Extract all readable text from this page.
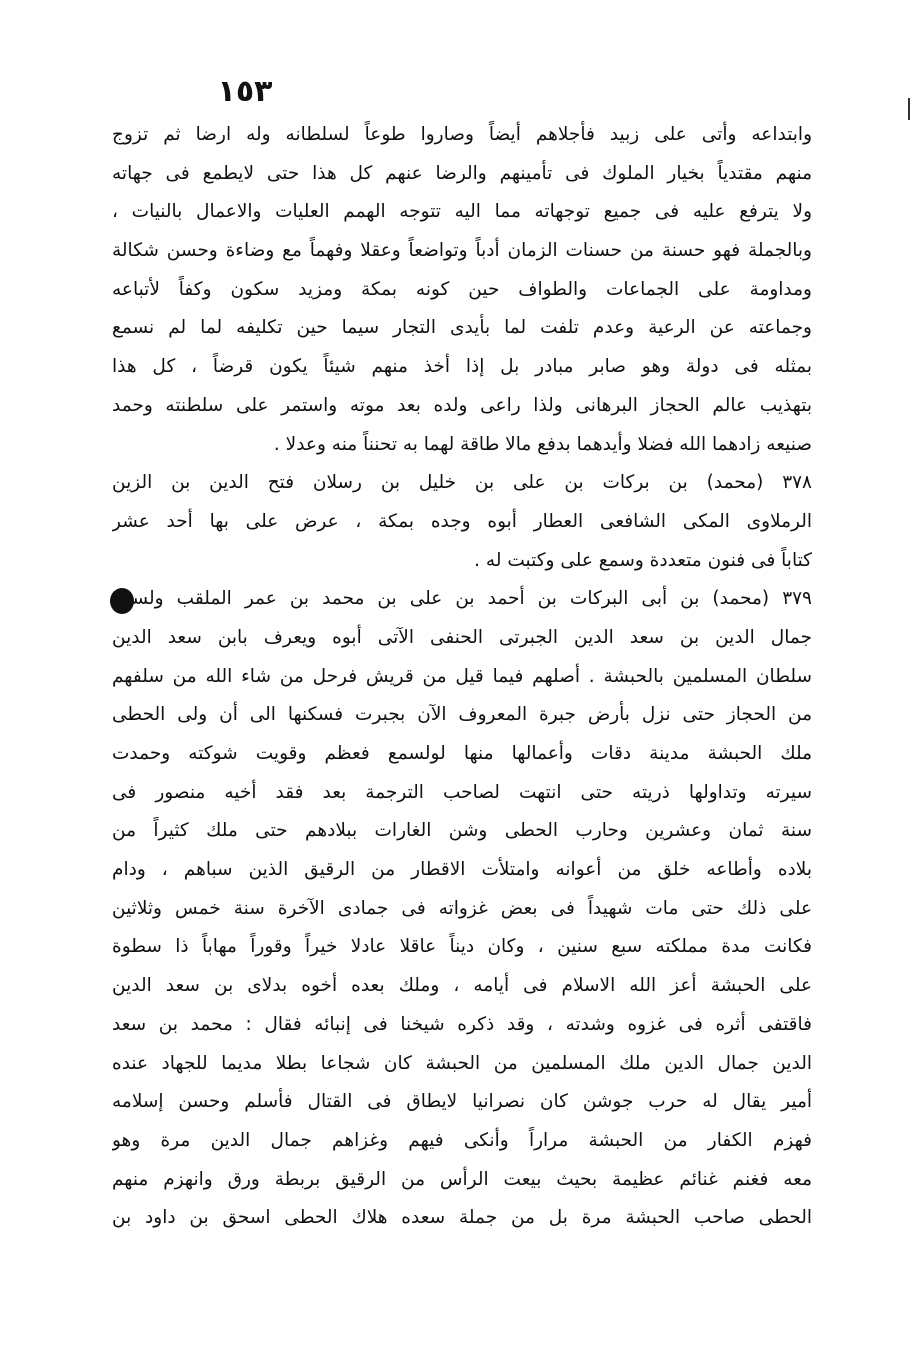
١٥٣
وابتداعه وأتى على زبيد فأجلاهم أيضاً وصاروا طوعاً لسلطانه وله ارضا ثم تزوج
منهم مقتدياً بخيار الملوك فى تأمينهم والرضا عنهم كل هذا حتى لايطمع فى جهاته
ولا يترفع عليه فى جميع توجهاته مما اليه تتوجه الهمم العليات والاعمال بالنيات ،
وبالجملة فهو حسنة من حسنات الزمان أدباً وتواضعاً وعقلا وفهماً مع وضاءة وحسن شكالة
ومداومة على الجماعات والطواف حين كونه بمكة ومزيد سكون وكفاً لأتباعه
وجماعته عن الرعية وعدم تلفت لما بأيدى التجار سيما حين تكليفه لما لم نسمع
بمثله فى دولة وهو صابر مبادر بل إذا أخذ منهم شيئاً يكون قرضاً ، كل هذا
بتهذيب عالم الحجاز البرهانى ولذا راعى ولده بعد موته واستمر على سلطنته وحمد
صنيعه زادهما الله فضلا وأيدهما بدفع مالا طاقة لهما به تحنناً منه وعدلا .
٣٧٨ (محمد) بن بركات بن على بن خليل بن رسلان فتح الدين بن الزين
الرملاوى المكى الشافعى العطار أبوه وجده بمكة ، عرض على بها أحد عشر
كتاباً فى فنون متعددة وسمع على وكتبت له .
٣٧٩ (محمد) بن أبى البركات بن أحمد بن على بن محمد بن عمر الملقب ولسمع
جمال الدين بن سعد الدين الجبرتى الحنفى الآتى أبوه ويعرف بابن سعد الدين
سلطان المسلمين بالحبشة . أصلهم فيما قيل من قريش فرحل من شاء الله من سلفهم
من الحجاز حتى نزل بأرض جبرة المعروف الآن بجبرت فسكنها الى أن ولى الحطى
ملك الحبشة مدينة دقات وأعمالها منها لولسمع فعظم وقويت شوكته وحمدت
سيرته وتداولها ذريته حتى انتهت لصاحب الترجمة بعد فقد أخيه منصور فى
سنة ثمان وعشرين وحارب الحطى وشن الغارات ببلادهم حتى ملك كثيراً من
بلاده وأطاعه خلق من أعوانه وامتلأت الاقطار من الرقيق الذين سباهم ، ودام
على ذلك حتى مات شهيداً فى بعض غزواته فى جمادى الآخرة سنة خمس وثلاثين
فكانت مدة مملكته سبع سنين ، وكان ديناً عاقلا عادلا خيراً وقوراً مهاباً ذا سطوة
على الحبشة أعز الله الاسلام فى أيامه ، وملك بعده أخوه بدلاى بن سعد الدين
فاقتفى أثره فى غزوه وشدته ، وقد ذكره شيخنا فى إنبائه فقال : محمد بن سعد
الدين جمال الدين ملك المسلمين من الحبشة كان شجاعا بطلا مديما للجهاد عنده
أمير يقال له حرب جوشن كان نصرانيا لايطاق فى القتال فأسلم وحسن إسلامه
فهزم الكفار من الحبشة مراراً وأنكى فيهم وغزاهم جمال الدين مرة وهو
معه فغنم غنائم عظيمة بحيث بيعت الرأس من الرقيق بربطة ورق وانهزم منهم
الحطى صاحب الحبشة مرة بل من جملة سعده هلاك الحطى اسحق بن داود بن
